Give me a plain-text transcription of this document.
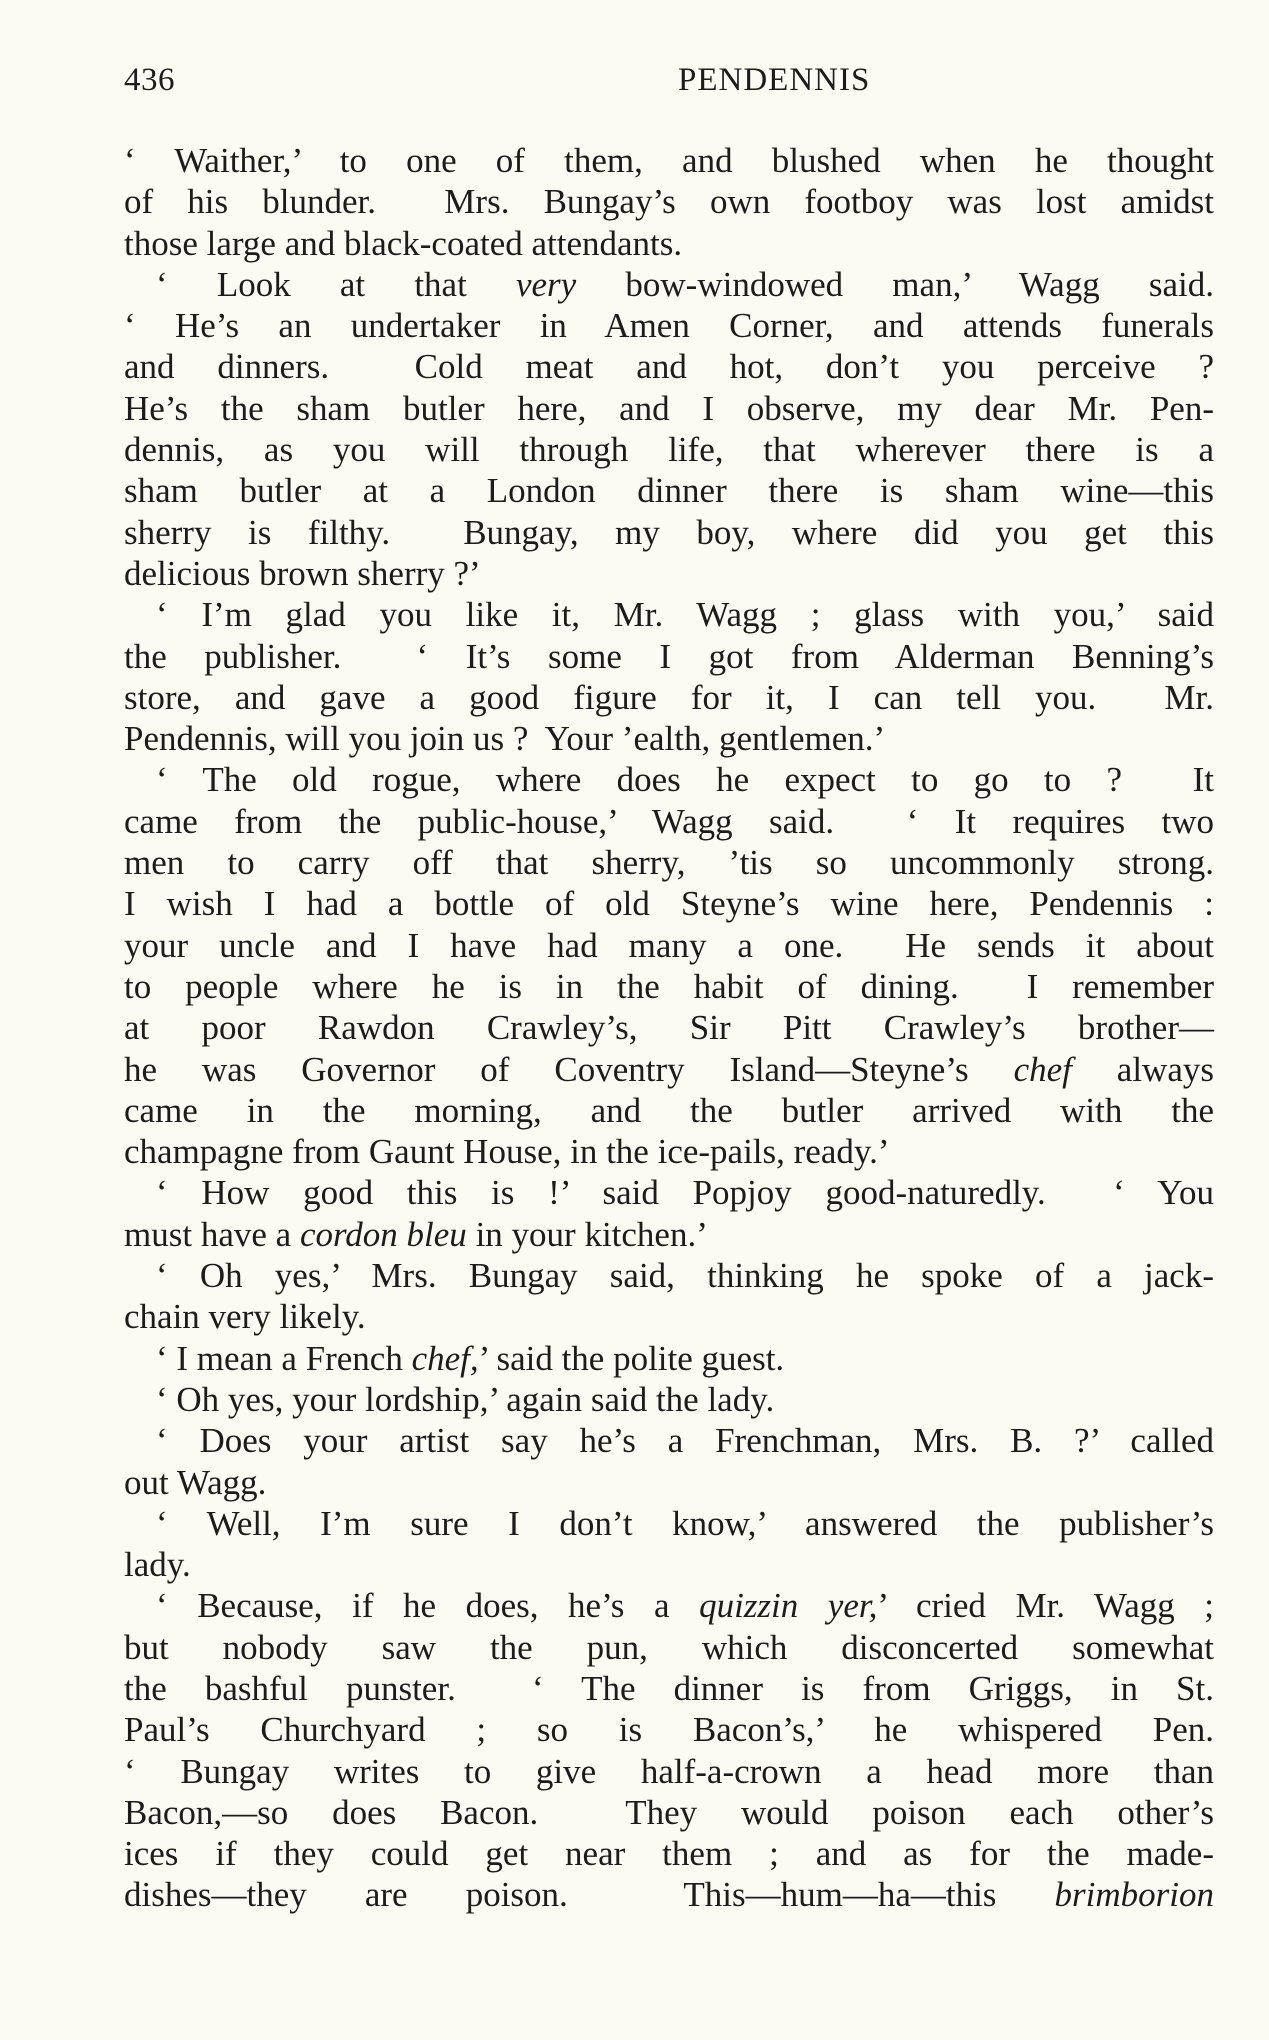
436	PENDENNIS
‘ Waither,’ to one of them, and blushed when he thought
of his blunder.  Mrs. Bungay’s own footboy was lost amidst
those large and black-coated attendants.
‘ Look at that very bow-windowed man,’ Wagg said.
‘ He’s an undertaker in Amen Corner, and attends funerals
and dinners.  Cold meat and hot, don’t you perceive ?
He’s the sham butler here, and I observe, my dear Mr. Pen-
dennis, as you will through life, that wherever there is a
sham butler at a London dinner there is sham wine—this
sherry is filthy.  Bungay, my boy, where did you get this
delicious brown sherry ?’
‘ I’m glad you like it, Mr. Wagg ; glass with you,’ said
the publisher.  ‘ It’s some I got from Alderman Benning’s
store, and gave a good figure for it, I can tell you.  Mr.
Pendennis, will you join us ?  Your ’ealth, gentlemen.’
‘ The old rogue, where does he expect to go to ?  It
came from the public-house,’ Wagg said.  ‘ It requires two
men to carry off that sherry, ’tis so uncommonly strong.
I wish I had a bottle of old Steyne’s wine here, Pendennis :
your uncle and I have had many a one.  He sends it about
to people where he is in the habit of dining.  I remember
at poor Rawdon Crawley’s, Sir Pitt Crawley’s brother—
he was Governor of Coventry Island—Steyne’s chef always
came in the morning, and the butler arrived with the
champagne from Gaunt House, in the ice-pails, ready.’
‘ How good this is !’ said Popjoy good-naturedly.  ‘ You
must have a cordon bleu in your kitchen.’
‘ Oh yes,’ Mrs. Bungay said, thinking he spoke of a jack-
chain very likely.
‘ I mean a French chef,’ said the polite guest.
‘ Oh yes, your lordship,’ again said the lady.
‘ Does your artist say he’s a Frenchman, Mrs. B. ?’ called
out Wagg.
‘ Well, I’m sure I don’t know,’ answered the publisher’s
lady.
‘ Because, if he does, he’s a quizzin yer,’ cried Mr. Wagg ;
but nobody saw the pun, which disconcerted somewhat
the bashful punster.  ‘ The dinner is from Griggs, in St.
Paul’s Churchyard ; so is Bacon’s,’ he whispered Pen.
‘ Bungay writes to give half-a-crown a head more than
Bacon,—so does Bacon.  They would poison each other’s
ices if they could get near them ; and as for the made-
dishes—they are poison.  This—hum—ha—this brimborion
